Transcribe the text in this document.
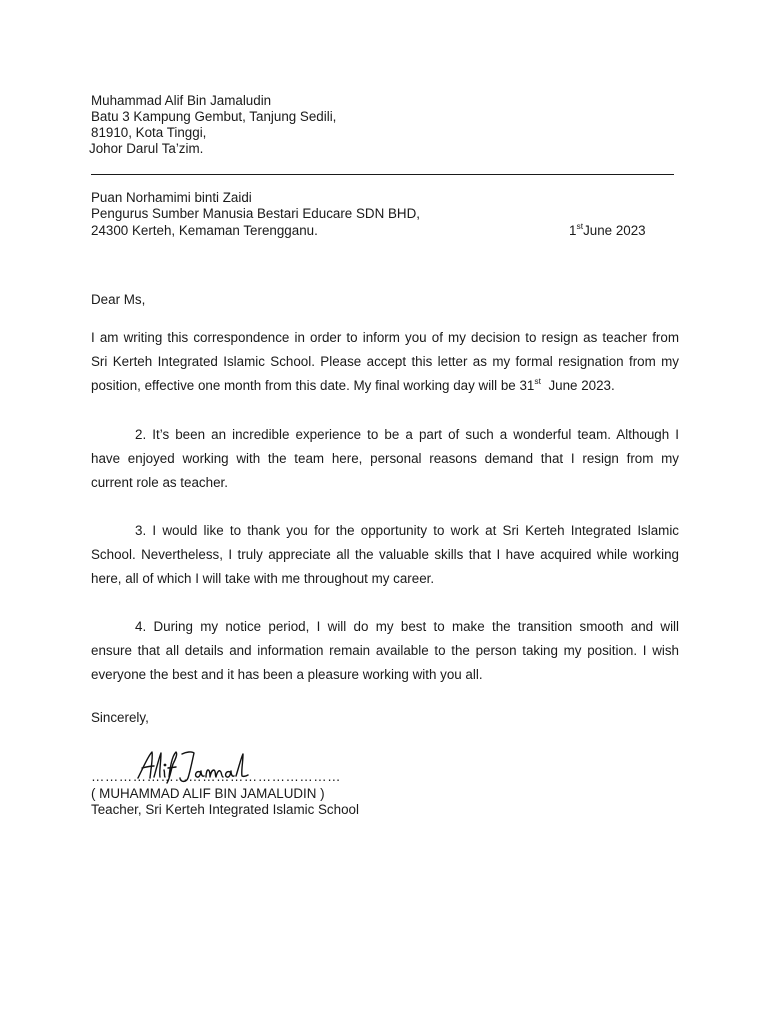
Muhammad Alif Bin Jamaludin
Batu 3 Kampung Gembut, Tanjung Sedili,
81910, Kota Tinggi,
Johor Darul Ta’zim.
Puan Norhamimi binti Zaidi
Pengurus Sumber Manusia Bestari Educare SDN BHD,
24300 Kerteh, Kemaman Terengganu.	1stJune 2023
Dear Ms,
I am writing this correspondence in order to inform you of my decision to resign as teacher from
Sri Kerteh Integrated Islamic School. Please accept this letter as my formal resignation from my
position, effective one month from this date. My final working day will be 31st June 2023.
2. It’s been an incredible experience to be a part of such a wonderful team. Although I
have enjoyed working with the team here, personal reasons demand that I resign from my
current role as teacher.
3. I would like to thank you for the opportunity to work at Sri Kerteh Integrated Islamic
School. Nevertheless, I truly appreciate all the valuable skills that I have acquired while working
here, all of which I will take with me throughout my career.
4. During my notice period, I will do my best to make the transition smooth and will
ensure that all details and information remain available to the person taking my position. I wish
everyone the best and it has been a pleasure working with you all.
Sincerely,
………………………………………………
( MUHAMMAD ALIF BIN JAMALUDIN )
Teacher, Sri Kerteh Integrated Islamic School
